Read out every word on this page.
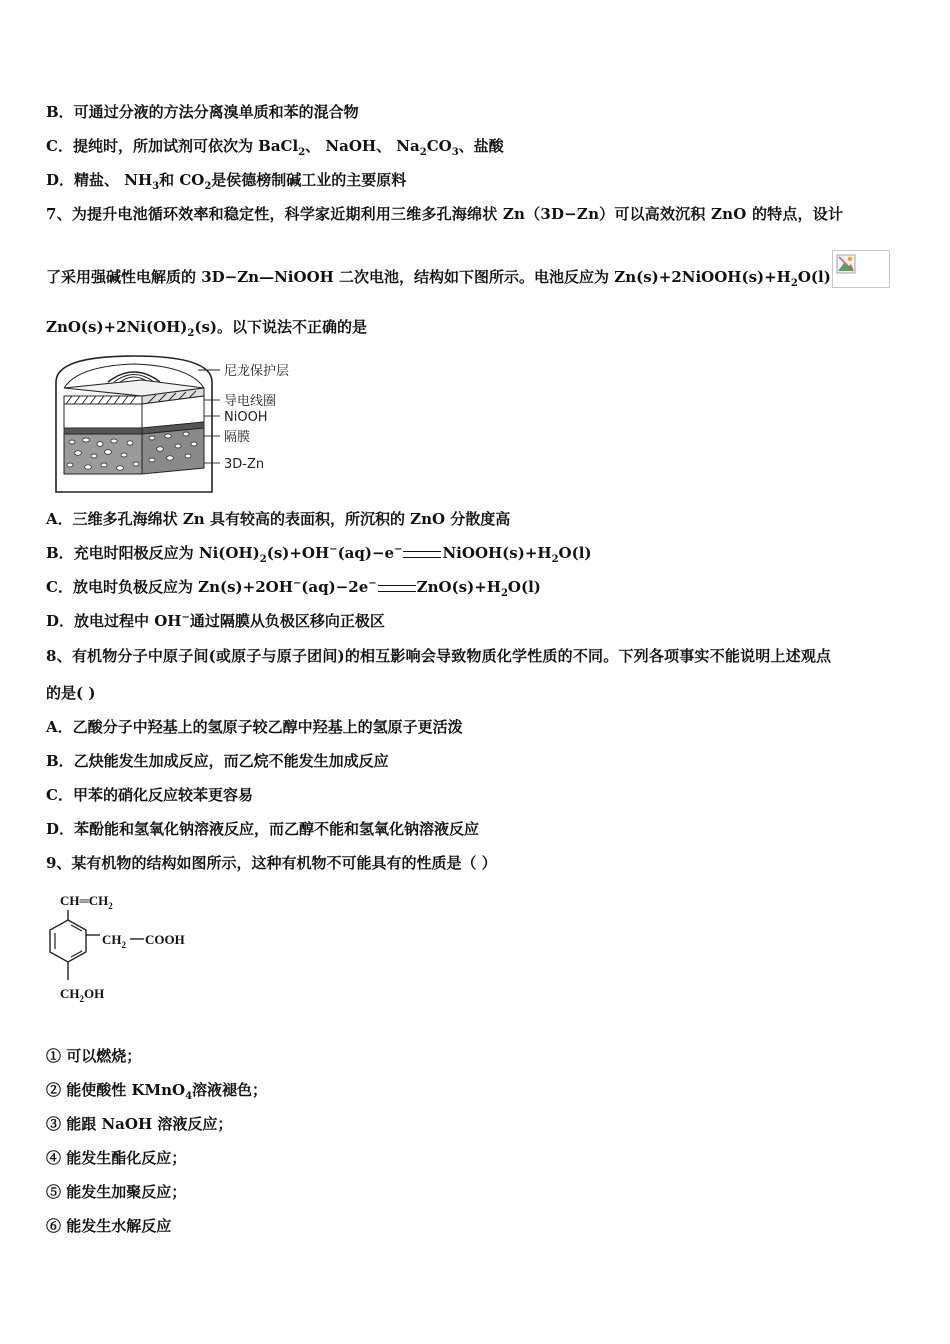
B．可通过分液的方法分离溴单质和苯的混合物
C．提纯时，所加试剂可依次为 BaCl$_2$、 NaOH、 $Na_2CO_3$、盐酸
D．精盐、 $NH_3$和 $CO_2$是侯德榜制碱工业的主要原料
7、为提升电池循环效率和稳定性，科学家近期利用三维多孔海绵状 Zn（3D−Zn）可以高效沉积 ZnO 的特点，设计
了采用强碱性电解质的 3D−Zn—NiOOH 二次电池，结构如下图所示。电池反应为 $Zn(s)+2NiOOH(s)+H_2O(l)$
$ZnO(s)+2Ni(OH)_2(s)$。以下说法不正确的是
尼龙保护层
导电线圈
NiOOH
隔膜
3D-Zn
A．三维多孔海绵状 Zn 具有较高的表面积，所沉积的 ZnO 分散度高
B．充电时阳极反应为 $Ni(OH)_2(s)+OH^-(aq)-e^-$	$NiOOH(s)+H_2O(l)$
C．放电时负极反应为 Zn(s)+2OH−(aq)−2e−	$ZnO(s)+H_2O(l)$
D．放电过程中 OH−通过隔膜从负极区移向正极区
8、有机物分子中原子间(或原子与原子团间)的相互影响会导致物质化学性质的不同。下列各项事实不能说明上述观点
的是( )
A．乙酸分子中羟基上的氢原子较乙醇中羟基上的氢原子更活泼
B．乙炔能发生加成反应，而乙烷不能发生加成反应
C．甲苯的硝化反应较苯更容易
D．苯酚能和氢氧化钠溶液反应，而乙醇不能和氢氧化钠溶液反应
9、某有机物的结构如图所示，这种有机物不可能具有的性质是（ ）
$CH═CH_2$
$CH_2$ COOH
$CH_2OH$
① 可以燃烧；
② 能使酸性 KMnO$_4$溶液褪色；
③ 能跟 NaOH 溶液反应；
④ 能发生酯化反应；
⑤ 能发生加聚反应；
⑥ 能发生水解反应
